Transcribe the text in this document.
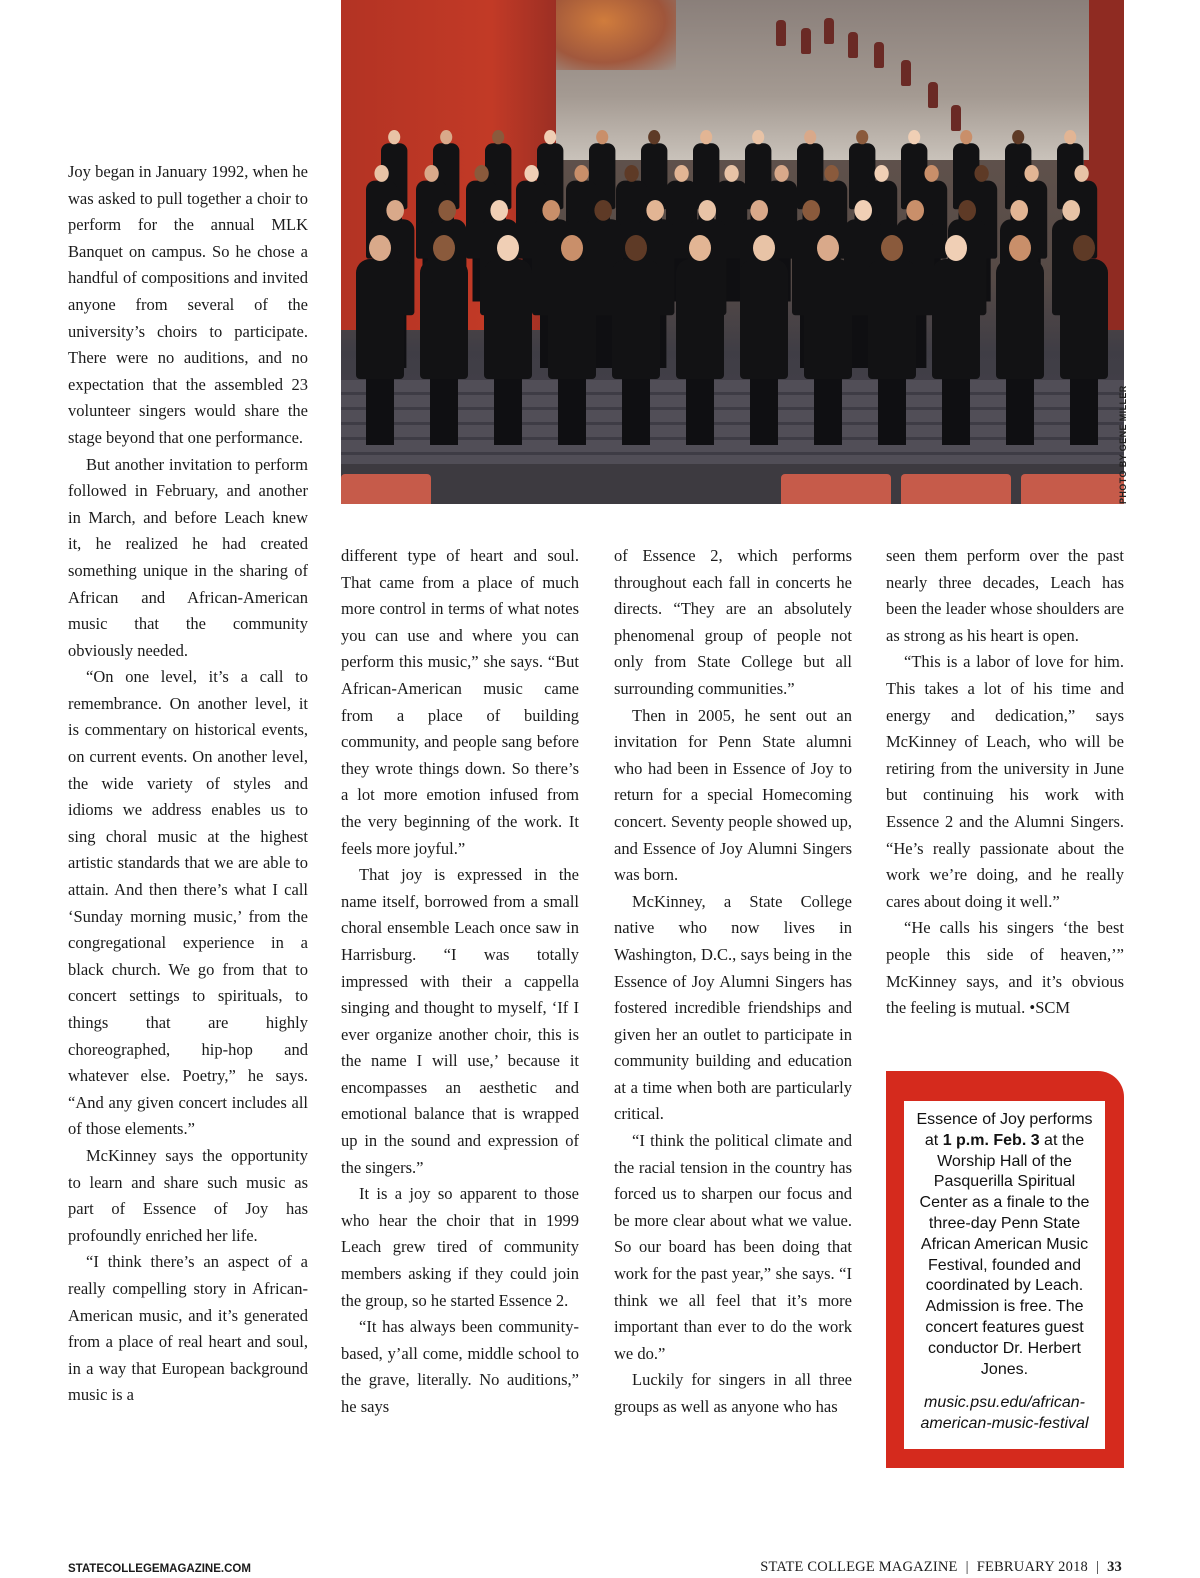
PHOTO BY GENE MILLER

Joy began in January 1992, when he was asked to pull together a choir to perform for the annual MLK Banquet on campus. So he chose a handful of compositions and invited anyone from several of the university’s choirs to participate. There were no auditions, and no expectation that the assembled 23 volunteer singers would share the stage beyond that one performance.

But another invitation to perform followed in February, and another in March, and before Leach knew it, he realized he had created something unique in the sharing of African and African-American music that the community obviously needed.

“On one level, it’s a call to remembrance. On another level, it is commentary on historical events, on current events. On another level, the wide variety of styles and idioms we address enables us to sing choral music at the highest artistic standards that we are able to attain. And then there’s what I call ‘Sunday morning music,’ from the congregational experience in a black church. We go from that to concert settings to spirituals, to things that are highly choreographed, hip-hop and whatever else. Poetry,” he says. “And any given concert includes all of those elements.”

McKinney says the opportunity to learn and share such music as part of Essence of Joy has profoundly enriched her life.

“I think there’s an aspect of a really compelling story in African-American music, and it’s generated from a place of real heart and soul, in a way that European background music is a

different type of heart and soul. That came from a place of much more control in terms of what notes you can use and where you can perform this music,” she says. “But African-American music came from a place of building community, and people sang before they wrote things down. So there’s a lot more emotion infused from the very beginning of the work. It feels more joyful.”

That joy is expressed in the name itself, borrowed from a small choral ensemble Leach once saw in Harrisburg. “I was totally impressed with their a cappella singing and thought to myself, ‘If I ever organize another choir, this is the name I will use,’ because it encompasses an aesthetic and emotional balance that is wrapped up in the sound and expression of the singers.”

It is a joy so apparent to those who hear the choir that in 1999 Leach grew tired of community members asking if they could join the group, so he started Essence 2.

“It has always been community-based, y’all come, middle school to the grave, literally. No auditions,” he says

of Essence 2, which performs throughout each fall in concerts he directs. “They are an absolutely phenomenal group of people not only from State College but all surrounding communities.”

Then in 2005, he sent out an invitation for Penn State alumni who had been in Essence of Joy to return for a special Homecoming concert. Seventy people showed up, and Essence of Joy Alumni Singers was born.

McKinney, a State College native who now lives in Washington, D.C., says being in the Essence of Joy Alumni Singers has fostered incredible friendships and given her an outlet to participate in community building and education at a time when both are particularly critical.

“I think the political climate and the racial tension in the country has forced us to sharpen our focus and be more clear about what we value. So our board has been doing that work for the past year,” she says. “I think we all feel that it’s more important than ever to do the work we do.”

Luckily for singers in all three groups as well as anyone who has

seen them perform over the past nearly three decades, Leach has been the leader whose shoulders are as strong as his heart is open.

“This is a labor of love for him. This takes a lot of his time and energy and dedication,” says McKinney of Leach, who will be retiring from the university in June but continuing his work with Essence 2 and the Alumni Singers. “He’s really passionate about the work we’re doing, and he really cares about doing it well.”

“He calls his singers ‘the best people this side of heaven,’” McKinney says, and it’s obvious the feeling is mutual. •SCM

Essence of Joy performs at 1 p.m. Feb. 3 at the Worship Hall of the Pasquerilla Spiritual Center as a finale to the three-day Penn State African American Music Festival, founded and coordinated by Leach. Admission is free. The concert features guest conductor Dr. Herbert Jones.
music.psu.edu/african-american-music-festival
STATECOLLEGEMAGAZINE.COM	STATE COLLEGE MAGAZINE | FEBRUARY 2018 | 33
